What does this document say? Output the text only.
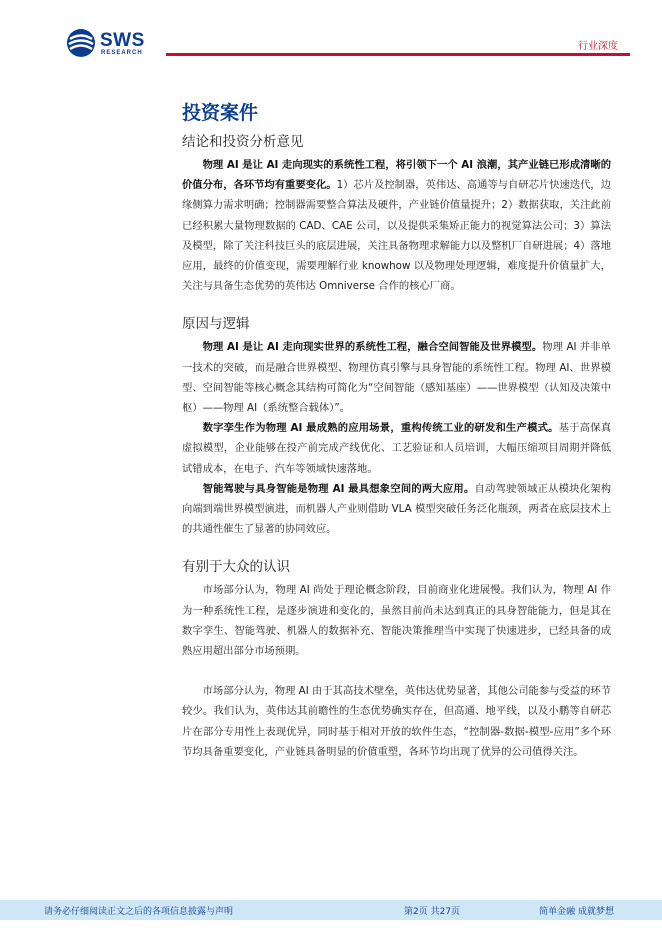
SWS
RESEARCH
行业深度
投资案件
结论和投资分析意见

物理 AI 是让 AI 走向现实的系统性工程，将引领下一个 AI 浪潮，其产业链已形成清晰的价值分布，各环节均有重要变化。1）芯片及控制器，英伟达、高通等与自研芯片快速迭代，边缘侧算力需求明确；控制器需要整合算法及硬件，产业链价值量提升；2）数据获取，关注此前已经积累大量物理数据的 CAD、CAE 公司，以及提供采集矫正能力的视觉算法公司；3）算法及模型，除了关注科技巨头的底层进展，关注具备物理求解能力以及整机厂自研进展；4）落地应用，最终的价值变现，需要理解行业 knowhow 以及物理处理逻辑，难度提升价值量扩大，关注与具备生态优势的英伟达 Omniverse 合作的核心厂商。

原因与逻辑

物理 AI 是让 AI 走向现实世界的系统性工程，融合空间智能及世界模型。物理 AI 并非单一技术的突破，而是融合世界模型、物理仿真引擎与具身智能的系统性工程。物理 AI、世界模型、空间智能等核心概念其结构可简化为“空间智能（感知基座）——世界模型（认知及决策中枢）——物理 AI（系统整合载体）”。

数字孪生作为物理 AI 最成熟的应用场景，重构传统工业的研发和生产模式。基于高保真虚拟模型，企业能够在投产前完成产线优化、工艺验证和人员培训，大幅压缩项目周期并降低试错成本，在电子、汽车等领域快速落地。

智能驾驶与具身智能是物理 AI 最具想象空间的两大应用。自动驾驶领域正从模块化架构向端到端世界模型演进，而机器人产业则借助 VLA 模型突破任务泛化瓶颈，两者在底层技术上的共通性催生了显著的协同效应。

有别于大众的认识

市场部分认为，物理 AI 尚处于理论概念阶段，目前商业化进展慢。我们认为，物理 AI 作为一种系统性工程，是逐步演进和变化的，虽然目前尚未达到真正的具身智能能力，但是其在数字孪生、智能驾驶、机器人的数据补充、智能决策推理当中实现了快速进步，已经具备的成熟应用超出部分市场预期。

市场部分认为，物理 AI 由于其高技术壁垒，英伟达优势显著，其他公司能参与受益的环节较少。我们认为，英伟达其前瞻性的生态优势确实存在，但高通、地平线，以及小鹏等自研芯片在部分专用性上表现优异，同时基于相对开放的软件生态，“控制器-数据-模型-应用”多个环节均具备重要变化，产业链具备明显的价值重塑，各环节均出现了优异的公司值得关注。

请务必仔细阅读正文之后的各项信息披露与声明	第2页 共27页	简单金融 成就梦想
